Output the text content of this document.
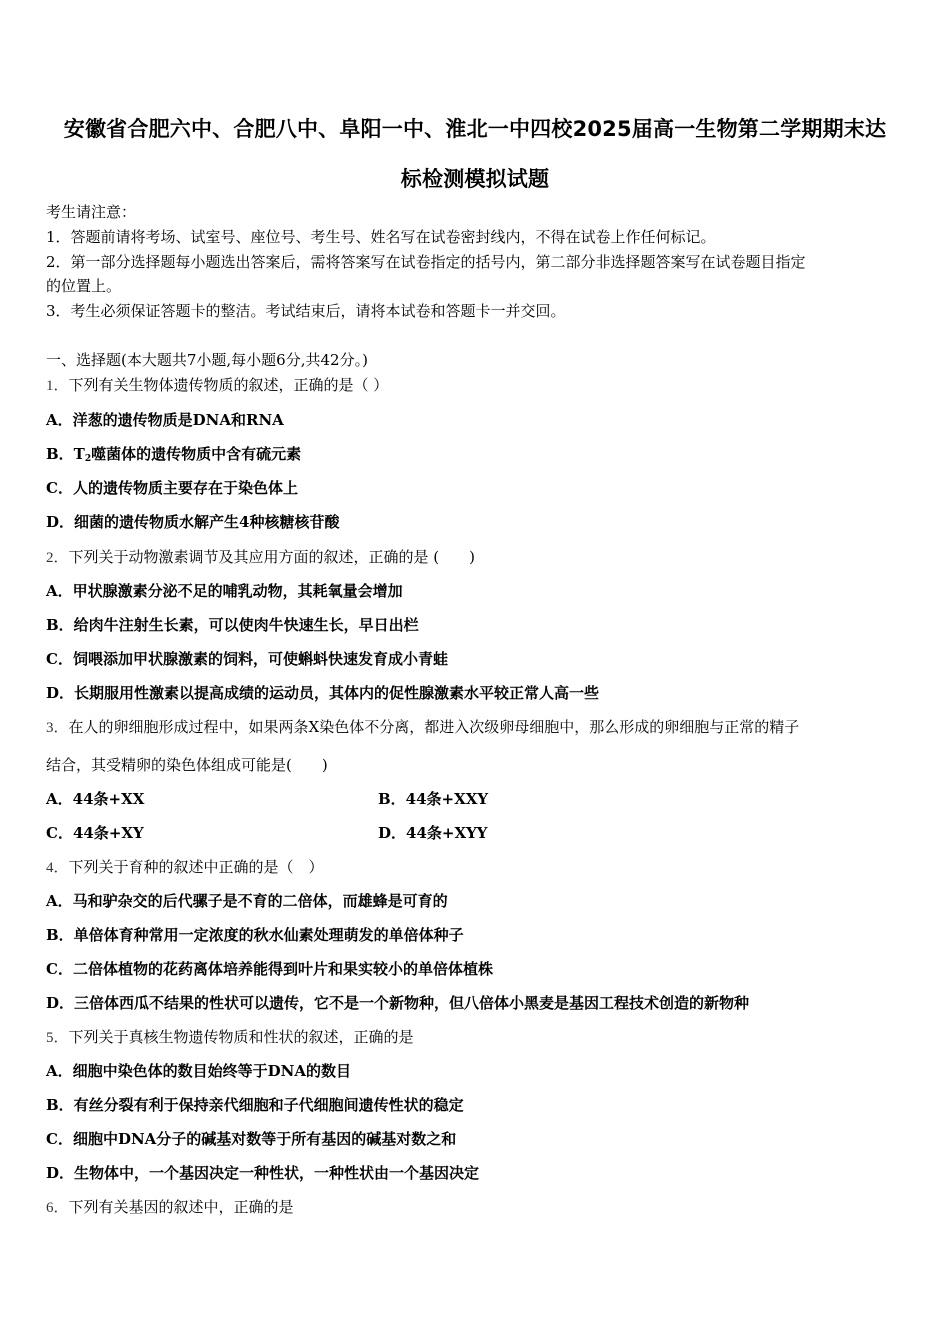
安徽省合肥六中、合肥八中、阜阳一中、淮北一中四校2025届高一生物第二学期期末达
标检测模拟试题
考生请注意：
1．答题前请将考场、试室号、座位号、考生号、姓名写在试卷密封线内，不得在试卷上作任何标记。
2．第一部分选择题每小题选出答案后，需将答案写在试卷指定的括号内，第二部分非选择题答案写在试卷题目指定
的位置上。
3．考生必须保证答题卡的整洁。考试结束后，请将本试卷和答题卡一并交回。
一、选择题(本大题共7小题,每小题6分,共42分。)
1．下列有关生物体遗传物质的叙述，正确的是（ ）
A．洋葱的遗传物质是DNA和RNA
B．$T_2$噬菌体的遗传物质中含有硫元素
C．人的遗传物质主要存在于染色体上
D．细菌的遗传物质水解产生4种核糖核苷酸
2．下列关于动物激素调节及其应用方面的叙述，正确的是 (　　)
A．甲状腺激素分泌不足的哺乳动物，其耗氧量会增加
B．给肉牛注射生长素，可以使肉牛快速生长，早日出栏
C．饲喂添加甲状腺激素的饲料，可使蝌蚪快速发育成小青蛙
D．长期服用性激素以提高成绩的运动员，其体内的促性腺激素水平较正常人高一些
3．在人的卵细胞形成过程中，如果两条X染色体不分离，都进入次级卵母细胞中，那么形成的卵细胞与正常的精子
结合，其受精卵的染色体组成可能是(　　)
A．44条+XX	B．44条+XXY
C．44条+XY	D．44条+XYY
4．下列关于育种的叙述中正确的是（　）
A．马和驴杂交的后代骡子是不育的二倍体，而雄蜂是可育的
B．单倍体育种常用一定浓度的秋水仙素处理萌发的单倍体种子
C．二倍体植物的花药离体培养能得到叶片和果实较小的单倍体植株
D．三倍体西瓜不结果的性状可以遗传，它不是一个新物种，但八倍体小黑麦是基因工程技术创造的新物种
5．下列关于真核生物遗传物质和性状的叙述，正确的是
A．细胞中染色体的数目始终等于DNA的数目
B．有丝分裂有利于保持亲代细胞和子代细胞间遗传性状的稳定
C．细胞中DNA分子的碱基对数等于所有基因的碱基对数之和
D．生物体中，一个基因决定一种性状，一种性状由一个基因决定
6．下列有关基因的叙述中，正确的是
